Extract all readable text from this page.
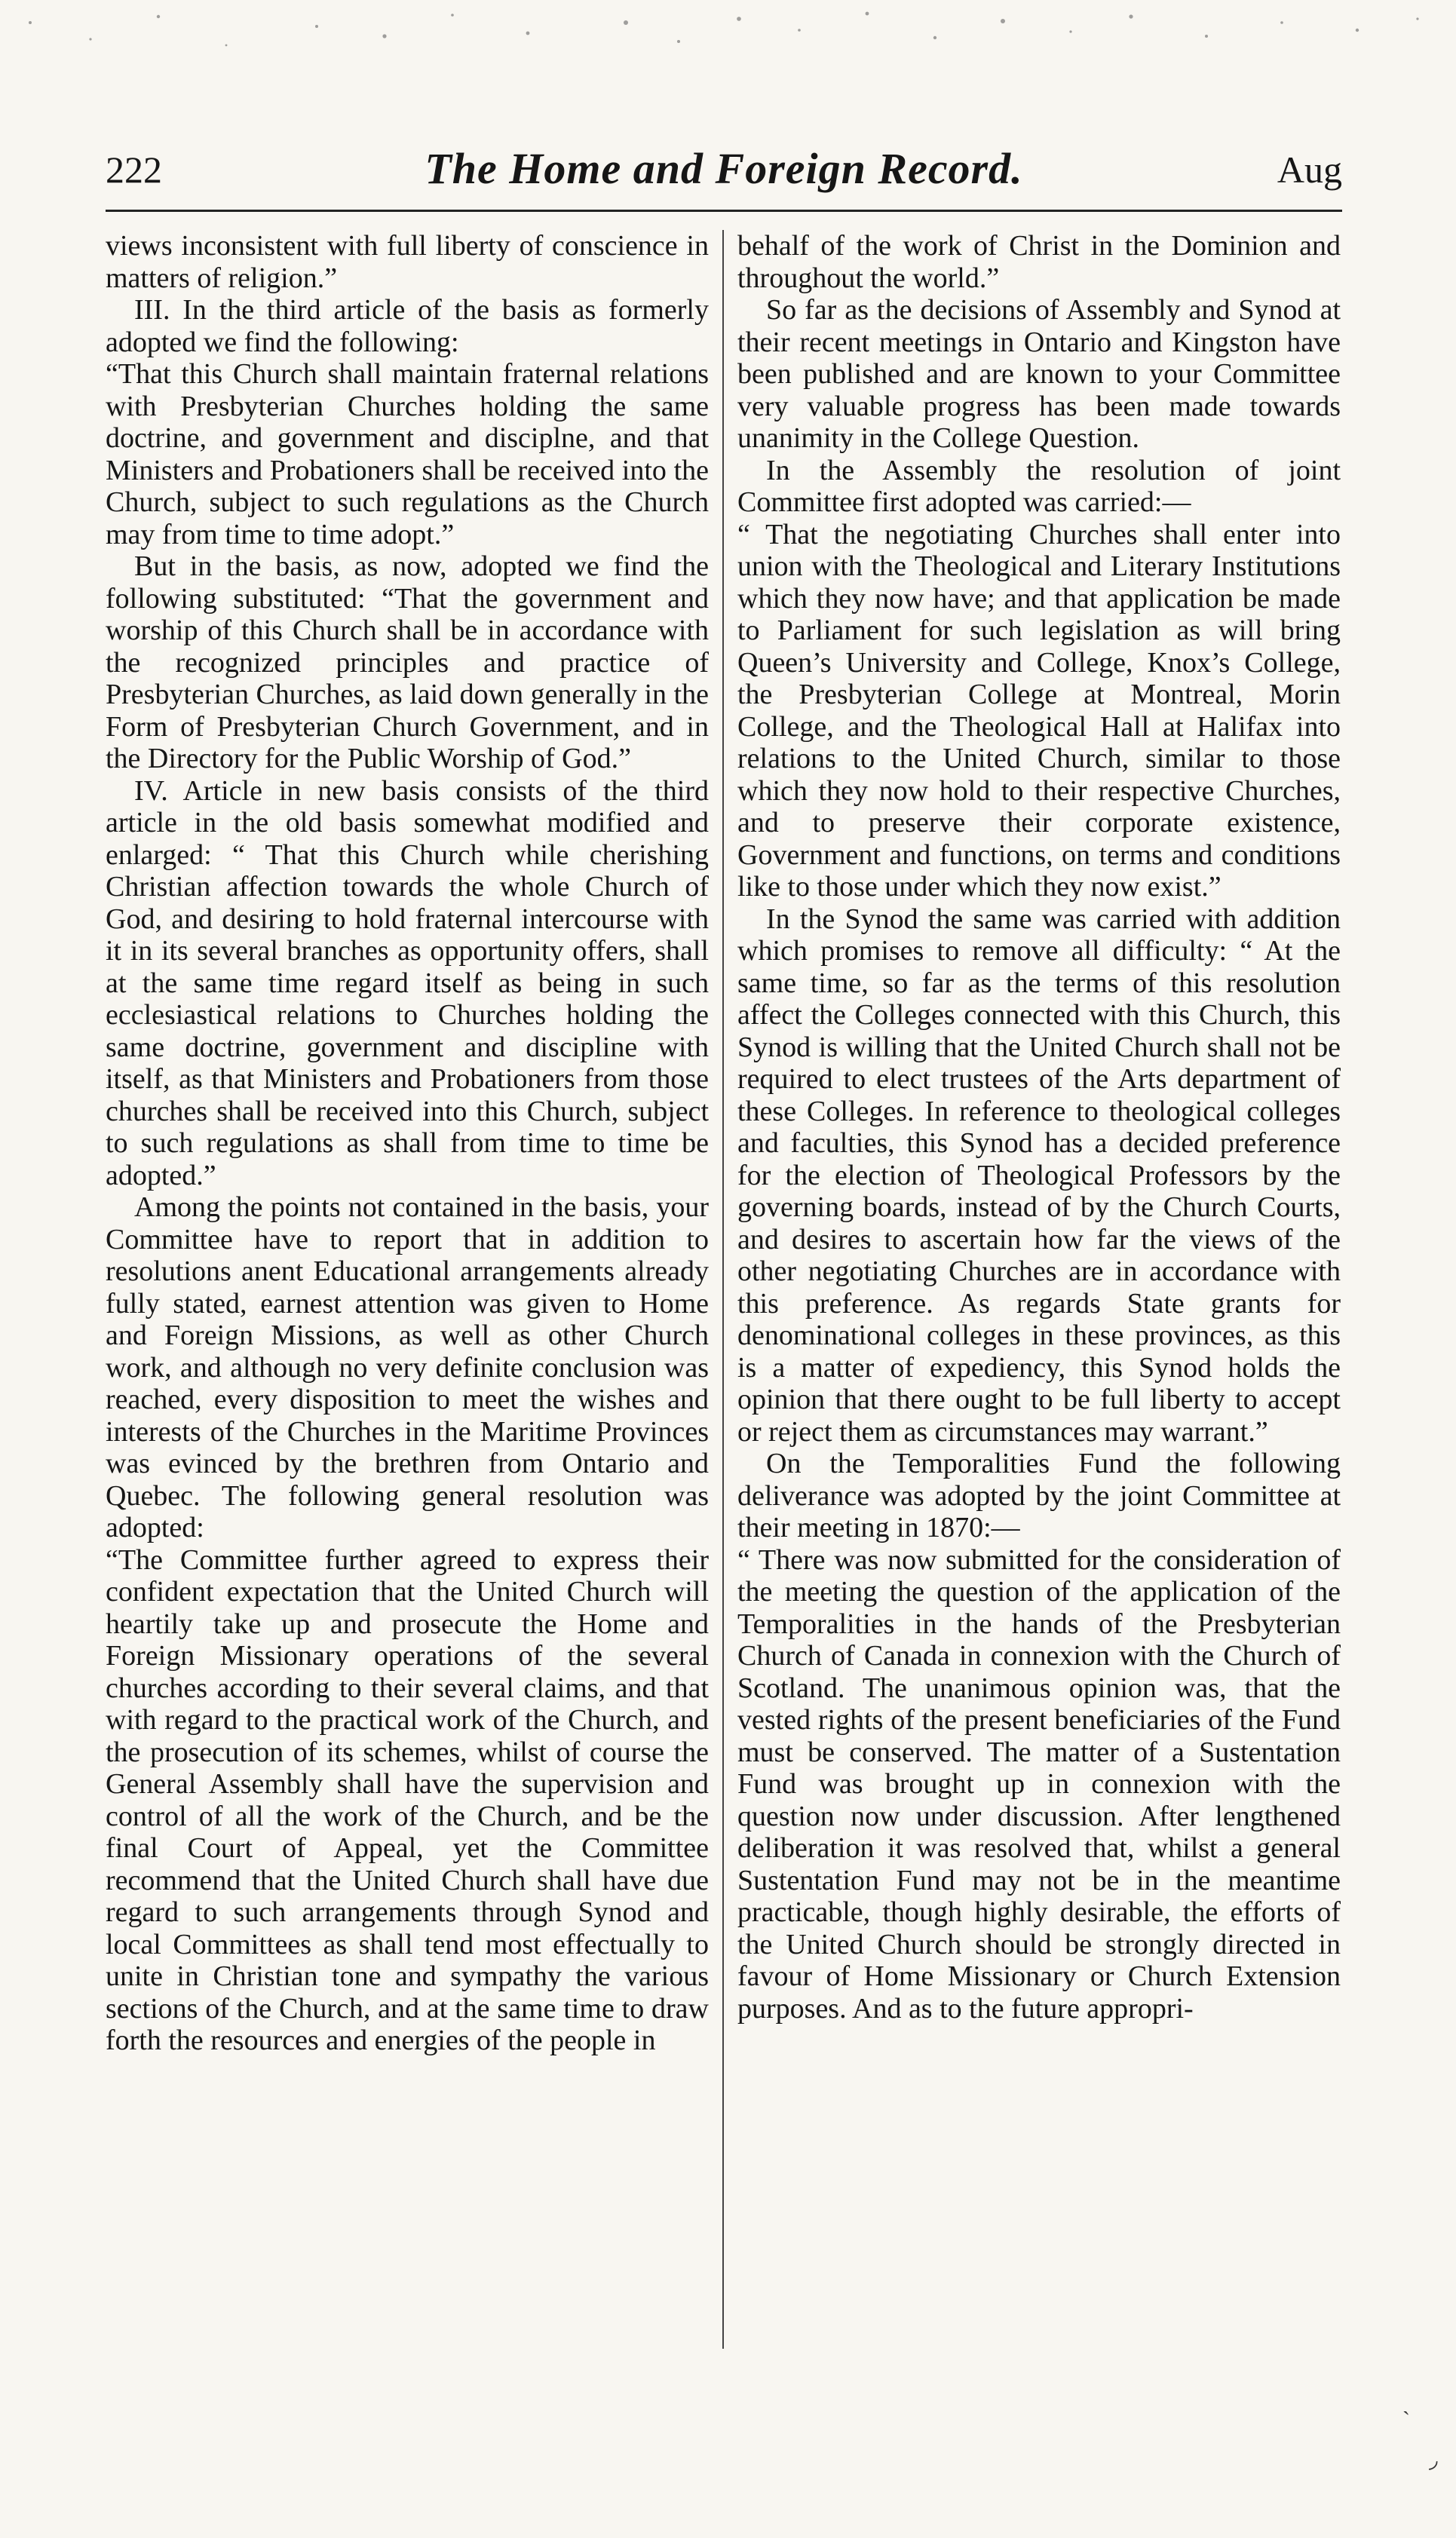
222	The Home and Foreign Record.	Aug

views inconsistent with full liberty of conscience in matters of religion.”

III. In the third article of the basis as formerly adopted we find the following:

“That this Church shall maintain fraternal relations with Presbyterian Churches holding the same doctrine, and government and disciplne, and that Ministers and Probationers shall be received into the Church, subject to such regulations as the Church may from time to time adopt.”

But in the basis, as now, adopted we find the following substituted: “That the government and worship of this Church shall be in accordance with the recognized principles and practice of Presbyterian Churches, as laid down generally in the Form of Presbyterian Church Government, and in the Directory for the Public Worship of God.”

IV. Article in new basis consists of the third article in the old basis somewhat modified and enlarged: “ That this Church while cherishing Christian affection towards the whole Church of God, and desiring to hold fraternal intercourse with it in its several branches as opportunity offers, shall at the same time regard itself as being in such ecclesiastical relations to Churches holding the same doctrine, government and discipline with itself, as that Ministers and Probationers from those churches shall be received into this Church, subject to such regulations as shall from time to time be adopted.”

Among the points not contained in the basis, your Committee have to report that in addition to resolutions anent Educational arrangements already fully stated, earnest attention was given to Home and Foreign Missions, as well as other Church work, and although no very definite conclusion was reached, every disposition to meet the wishes and interests of the Churches in the Maritime Provinces was evinced by the brethren from Ontario and Quebec. The following general resolution was adopted:

“The Committee further agreed to express their confident expectation that the United Church will heartily take up and prosecute the Home and Foreign Missionary operations of the several churches according to their several claims, and that with regard to the practical work of the Church, and the prosecution of its schemes, whilst of course the General Assembly shall have the supervision and control of all the work of the Church, and be the final Court of Appeal, yet the Committee recommend that the United Church shall have due regard to such arrangements through Synod and local Committees as shall tend most effectually to unite in Christian tone and sympathy the various sections of the Church, and at the same time to draw forth the resources and energies of the people in

behalf of the work of Christ in the Dominion and throughout the world.”

So far as the decisions of Assembly and Synod at their recent meetings in Ontario and Kingston have been published and are known to your Committee very valuable progress has been made towards unanimity in the College Question.

In the Assembly the resolution of joint Committee first adopted was carried:—

“ That the negotiating Churches shall enter into union with the Theological and Literary Institutions which they now have; and that application be made to Parliament for such legislation as will bring Queen’s University and College, Knox’s College, the Presbyterian College at Montreal, Morin College, and the Theological Hall at Halifax into relations to the United Church, similar to those which they now hold to their respective Churches, and to preserve their corporate existence, Government and functions, on terms and conditions like to those under which they now exist.”

In the Synod the same was carried with addition which promises to remove all difficulty: “ At the same time, so far as the terms of this resolution affect the Colleges connected with this Church, this Synod is willing that the United Church shall not be required to elect trustees of the Arts department of these Colleges. In reference to theological colleges and faculties, this Synod has a decided preference for the election of Theological Professors by the governing boards, instead of by the Church Courts, and desires to ascertain how far the views of the other negotiating Churches are in accordance with this preference. As regards State grants for denominational colleges in these provinces, as this is a matter of expediency, this Synod holds the opinion that there ought to be full liberty to accept or reject them as circumstances may warrant.”

On the Temporalities Fund the following deliverance was adopted by the joint Committee at their meeting in 1870:—

“ There was now submitted for the consideration of the meeting the question of the application of the Temporalities in the hands of the Presbyterian Church of Canada in connexion with the Church of Scotland. The unanimous opinion was, that the vested rights of the present beneficiaries of the Fund must be conserved. The matter of a Sustentation Fund was brought up in connexion with the question now under discussion. After lengthened deliberation it was resolved that, whilst a general Sustentation Fund may not be in the meantime practicable, though highly desirable, the efforts of the United Church should be strongly directed in favour of Home Missionary or Church Extension purposes. And as to the future appropri-

ˎ
◞
